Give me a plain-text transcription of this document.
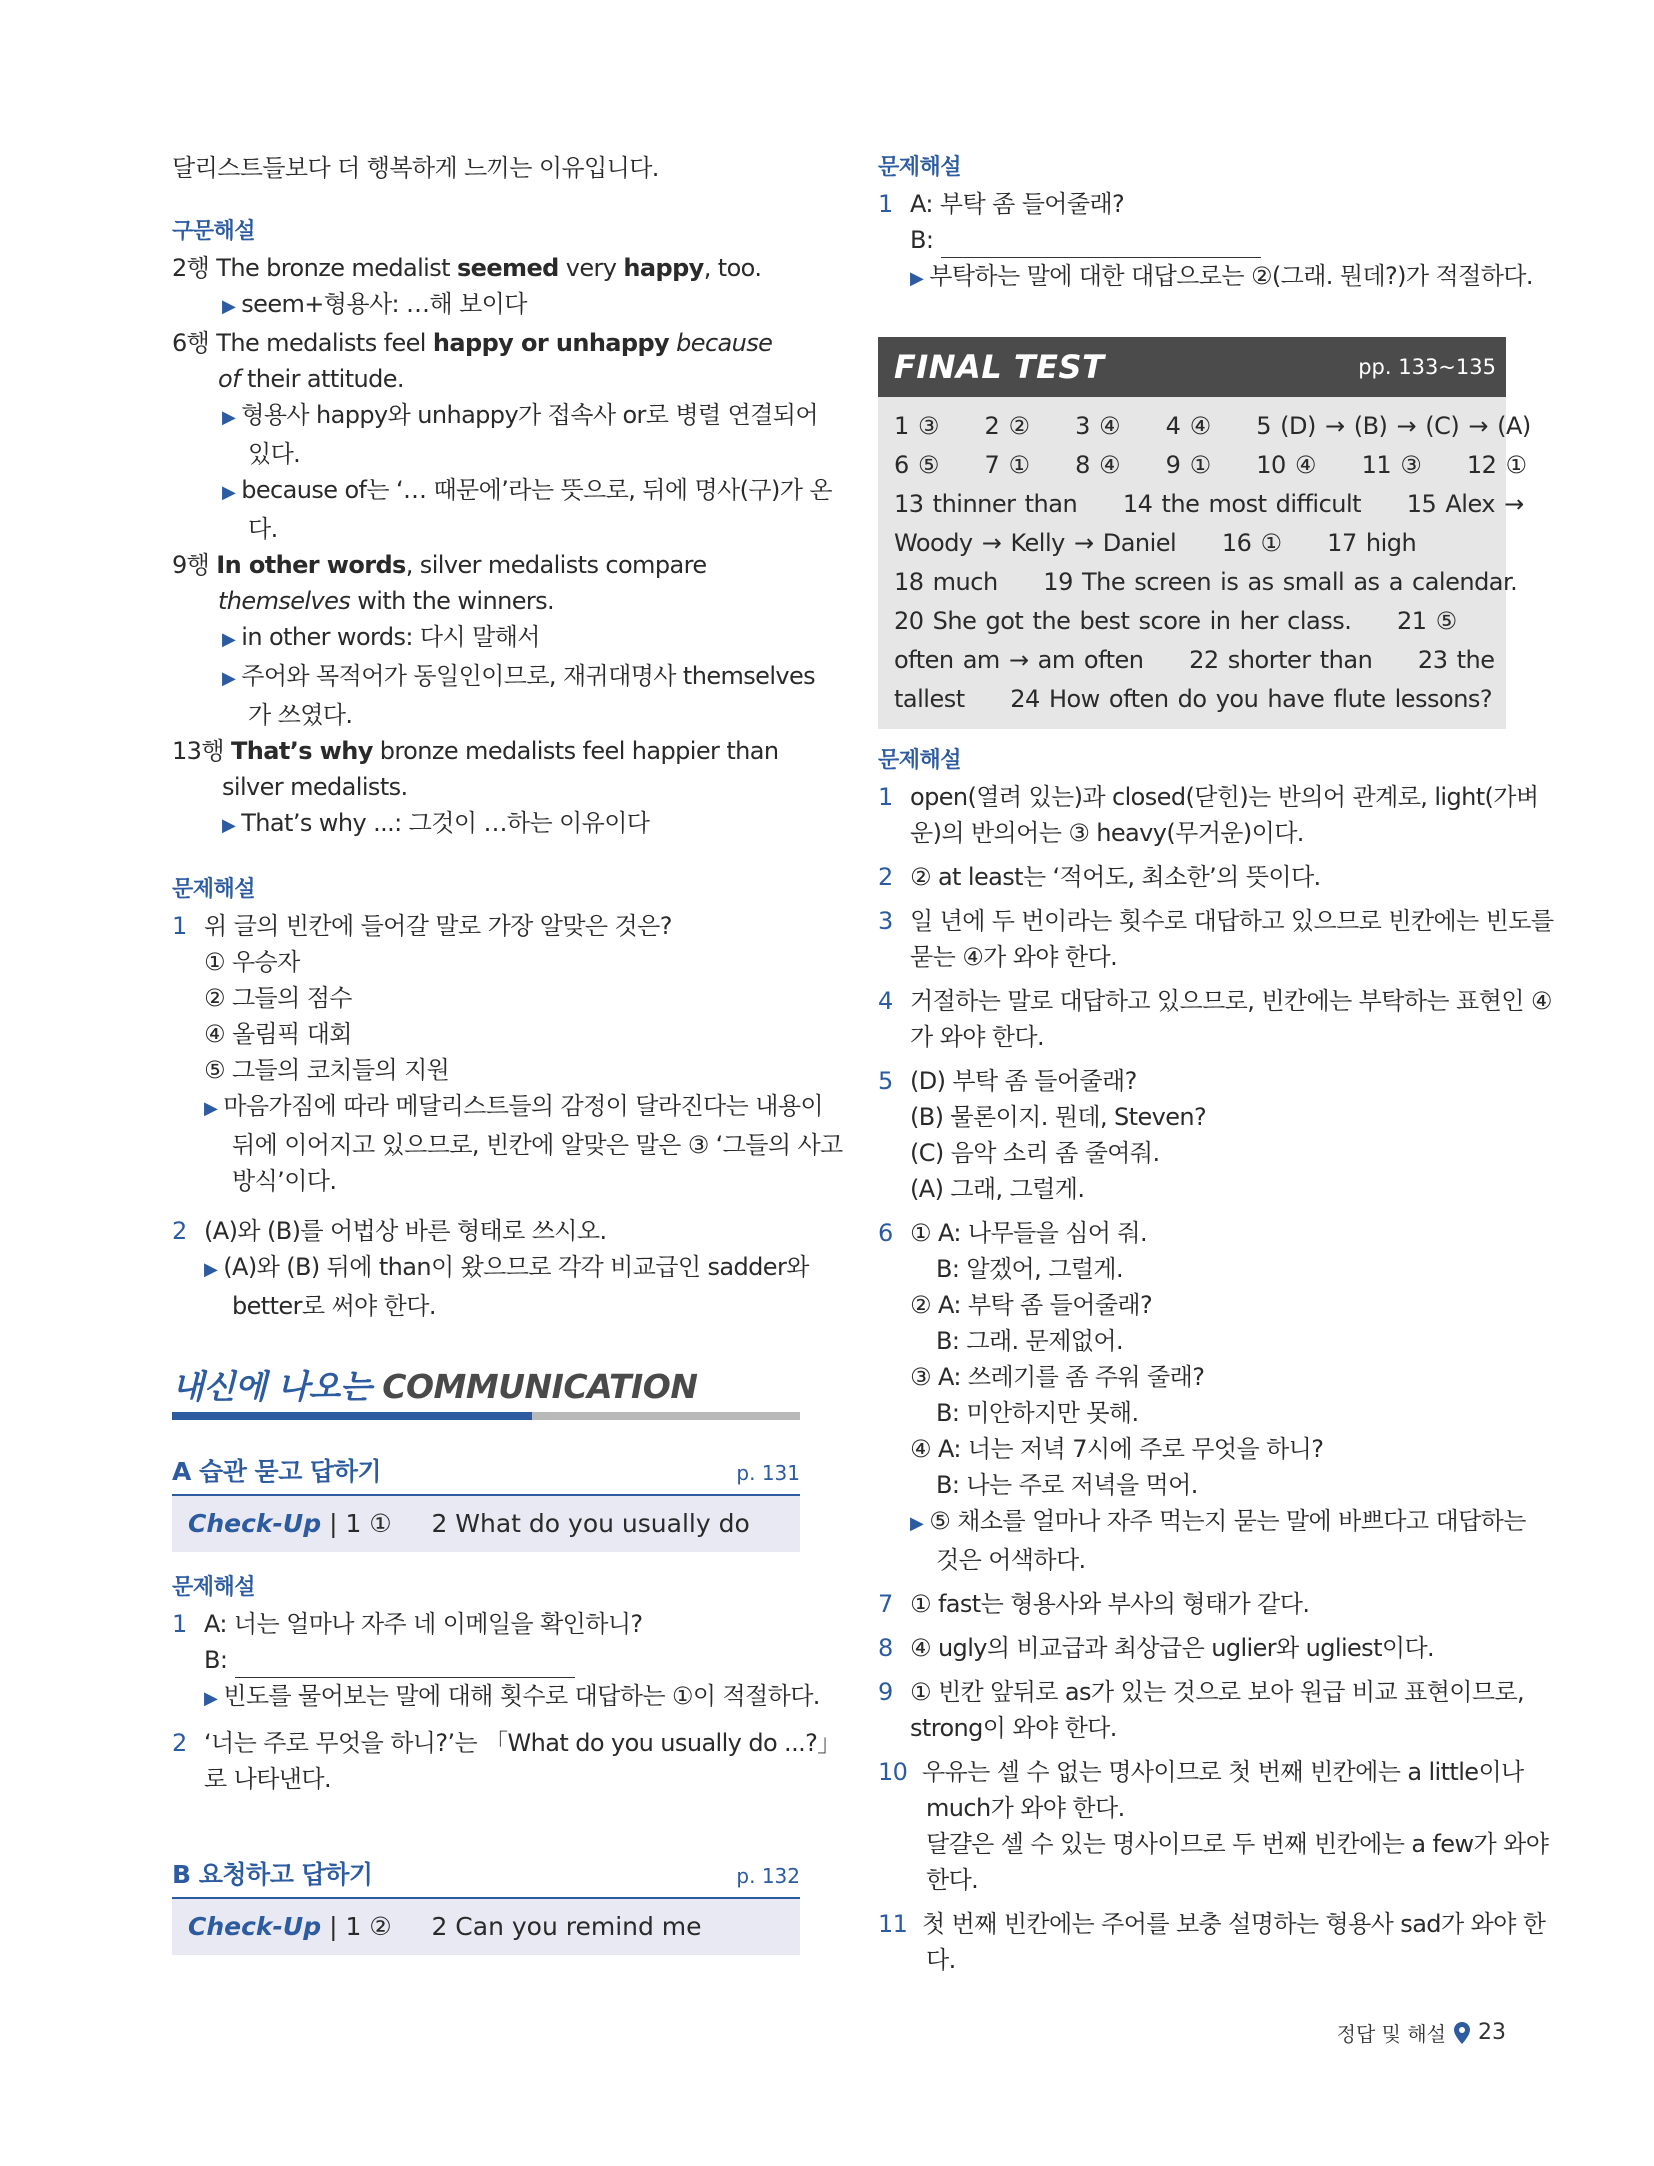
달리스트들보다 더 행복하게 느끼는 이유입니다.

구문해설

2행 The bronze medalist seemed very happy, too.

▶ seem+형용사: …해 보이다

6행 The medalists feel happy or unhappy because

of their attitude.

▶ 형용사 happy와 unhappy가 접속사 or로 병렬 연결되어

있다.

▶ because of는 ‘… 때문에’라는 뜻으로, 뒤에 명사(구)가 온

다.

9행 In other words, silver medalists compare

themselves with the winners.

▶ in other words: 다시 말해서

▶ 주어와 목적어가 동일인이므로, 재귀대명사 themselves

가 쓰였다.

13행 That’s why bronze medalists feel happier than

silver medalists.

▶ That’s why ...: 그것이 …하는 이유이다

문제해설

1 위 글의 빈칸에 들어갈 말로 가장 알맞은 것은?

① 우승자

② 그들의 점수

④ 올림픽 대회

⑤ 그들의 코치들의 지원

▶ 마음가짐에 따라 메달리스트들의 감정이 달라진다는 내용이

뒤에 이어지고 있으므로, 빈칸에 알맞은 말은 ③ ‘그들의 사고

방식’이다.

2 (A)와 (B)를 어법상 바른 형태로 쓰시오.

▶ (A)와 (B) 뒤에 than이 왔으므로 각각 비교급인 sadder와

better로 써야 한다.

내신에 나오는 COMMUNICATION
A 습관 묻고 답하기	p. 131
Check-Up | 1 ①     2 What do you usually do

문제해설

1 A: 너는 얼마나 자주 네 이메일을 확인하니?

B:

▶ 빈도를 물어보는 말에 대해 횟수로 대답하는 ①이 적절하다.

2 ‘너는 주로 무엇을 하니?’는 「What do you usually do ...?」

로 나타낸다.

B 요청하고 답하기	p. 132
Check-Up | 1 ②     2 Can you remind me

문제해설

1 A: 부탁 좀 들어줄래?

B:

▶ 부탁하는 말에 대한 대답으로는 ②(그래. 뭔데?)가 적절하다.

FINAL TEST	pp. 133~135

1 ③     2 ②     3 ④     4 ④     5 (D) → (B) → (C) → (A)

6 ⑤     7 ①     8 ④     9 ①     10 ④     11 ③     12 ①

13 thinner than     14 the most difficult     15 Alex →

Woody → Kelly → Daniel     16 ①     17 high

18 much     19 The screen is as small as a calendar.

20 She got the best score in her class.     21 ⑤

often am → am often     22 shorter than     23 the

tallest     24 How often do you have flute lessons?

문제해설

1 open(열려 있는)과 closed(닫힌)는 반의어 관계로, light(가벼

운)의 반의어는 ③ heavy(무거운)이다.

2 ② at least는 ‘적어도, 최소한’의 뜻이다.

3 일 년에 두 번이라는 횟수로 대답하고 있으므로 빈칸에는 빈도를

묻는 ④가 와야 한다.

4 거절하는 말로 대답하고 있으므로, 빈칸에는 부탁하는 표현인 ④

가 와야 한다.

5 (D) 부탁 좀 들어줄래?

(B) 물론이지. 뭔데, Steven?

(C) 음악 소리 좀 줄여줘.

(A) 그래, 그럴게.

6 ① A: 나무들을 심어 줘.

B: 알겠어, 그럴게.

② A: 부탁 좀 들어줄래?

B: 그래. 문제없어.

③ A: 쓰레기를 좀 주워 줄래?

B: 미안하지만 못해.

④ A: 너는 저녁 7시에 주로 무엇을 하니?

B: 나는 주로 저녁을 먹어.

▶ ⑤ 채소를 얼마나 자주 먹는지 묻는 말에 바쁘다고 대답하는

것은 어색하다.

7 ① fast는 형용사와 부사의 형태가 같다.

8 ④ ugly의 비교급과 최상급은 uglier와 ugliest이다.

9 ① 빈칸 앞뒤로 as가 있는 것으로 보아 원급 비교 표현이므로,

strong이 와야 한다.

10 우유는 셀 수 없는 명사이므로 첫 번째 빈칸에는 a little이나

much가 와야 한다.

달걀은 셀 수 있는 명사이므로 두 번째 빈칸에는 a few가 와야

한다.

11 첫 번째 빈칸에는 주어를 보충 설명하는 형용사 sad가 와야 한

다.

정답 및 해설 23
